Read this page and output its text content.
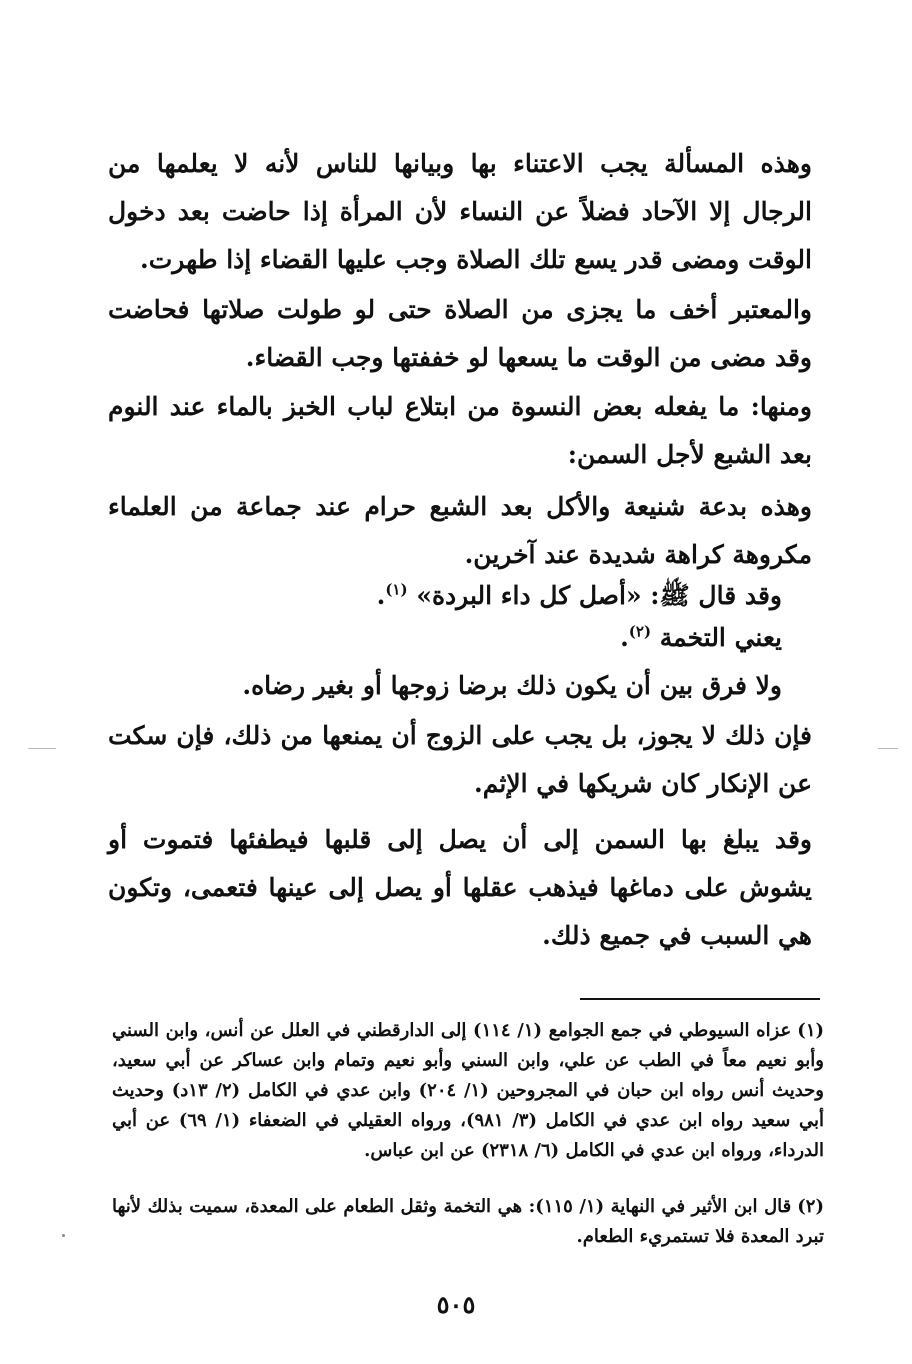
وهذه المسألة يجب الاعتناء بها وبيانها للناس لأنه لا يعلمها من الرجال إلا الآحاد فضلاً عن النساء لأن المرأة إذا حاضت بعد دخول الوقت ومضى قدر يسع تلك الصلاة وجب عليها القضاء إذا طهرت.
والمعتبر أخف ما يجزى من الصلاة حتى لو طولت صلاتها فحاضت وقد مضى من الوقت ما يسعها لو خففتها وجب القضاء.
ومنها: ما يفعله بعض النسوة من ابتلاع لباب الخبز بالماء عند النوم بعد الشبع لأجل السمن:
وهذه بدعة شنيعة والأكل بعد الشبع حرام عند جماعة من العلماء مكروهة كراهة شديدة عند آخرين.
وقد قال ﷺ: «أصل كل داء البردة» $^{(١)}$.
يعني التخمة $^{(٢)}$.
ولا فرق بين أن يكون ذلك برضا زوجها أو بغير رضاه.
فإن ذلك لا يجوز، بل يجب على الزوج أن يمنعها من ذلك، فإن سكت عن الإنكار كان شريكها في الإثم.
وقد يبلغ بها السمن إلى أن يصل إلى قلبها فيطفئها فتموت أو يشوش على دماغها فيذهب عقلها أو يصل إلى عينها فتعمى، وتكون هي السبب في جميع ذلك.
(١)عزاه السيوطي في جمع الجوامع (١/ ١١٤) إلى الدارقطني في العلل عن أنس، وابن السني وأبو نعيم معاً في الطب عن علي، وابن السني وأبو نعيم وتمام وابن عساكر عن أبي سعيد، وحديث أنس رواه ابن حبان في المجروحين (١/ ٢٠٤) وابن عدي في الكامل (٢/ ١٣د) وحديث أبي سعيد رواه ابن عدي في الكامل (٣/ ٩٨١)، ورواه العقيلي في الضعفاء (١/ ٦٩) عن أبي الدرداء، ورواه ابن عدي في الكامل (٦/ ٢٣١٨) عن ابن عباس.
(٢)قال ابن الأثير في النهاية (١/ ١١٥): هي التخمة وثقل الطعام على المعدة، سميت بذلك لأنها تبرد المعدة فلا تستمريء الطعام.
٥٠٥
